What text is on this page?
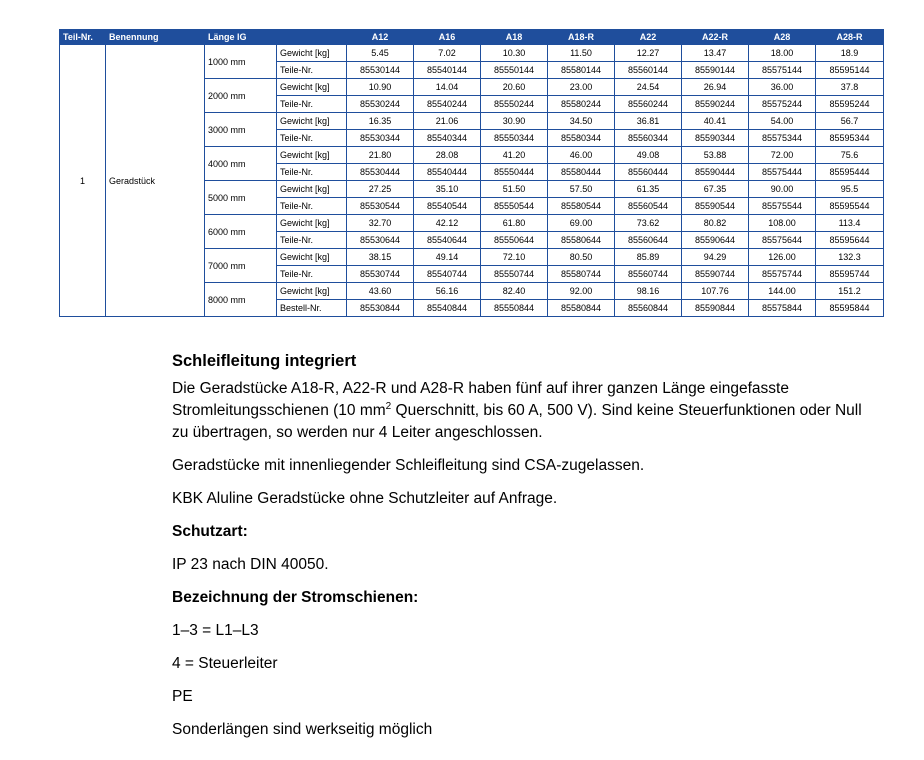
Teil-Nr.	Benennung	Länge lG		A12	A16	A18	A18-R	A22	A22-R	A28	A28-R
1	Geradstück	1000 mm	Gewicht [kg]	5.45	7.02	10.30	11.50	12.27	13.47	18.00	18.9
			Teile-Nr.	85530144	85540144	85550144	85580144	85560144	85590144	85575144	85595144
		2000 mm	Gewicht [kg]	10.90	14.04	20.60	23.00	24.54	26.94	36.00	37.8
			Teile-Nr.	85530244	85540244	85550244	85580244	85560244	85590244	85575244	85595244
		3000 mm	Gewicht [kg]	16.35	21.06	30.90	34.50	36.81	40.41	54.00	56.7
			Teile-Nr.	85530344	85540344	85550344	85580344	85560344	85590344	85575344	85595344
		4000 mm	Gewicht [kg]	21.80	28.08	41.20	46.00	49.08	53.88	72.00	75.6
			Teile-Nr.	85530444	85540444	85550444	85580444	85560444	85590444	85575444	85595444
		5000 mm	Gewicht [kg]	27.25	35.10	51.50	57.50	61.35	67.35	90.00	95.5
			Teile-Nr.	85530544	85540544	85550544	85580544	85560544	85590544	85575544	85595544
		6000 mm	Gewicht [kg]	32.70	42.12	61.80	69.00	73.62	80.82	108.00	113.4
			Teile-Nr.	85530644	85540644	85550644	85580644	85560644	85590644	85575644	85595644
		7000 mm	Gewicht [kg]	38.15	49.14	72.10	80.50	85.89	94.29	126.00	132.3
			Teile-Nr.	85530744	85540744	85550744	85580744	85560744	85590744	85575744	85595744
		8000 mm	Gewicht [kg]	43.60	56.16	82.40	92.00	98.16	107.76	144.00	151.2
			Bestell-Nr.	85530844	85540844	85550844	85580844	85560844	85590844	85575844	85595844
Schleifleitung integriert

Die Geradstücke A18-R, A22-R und A28-R haben fünf auf ihrer ganzen Länge eingefasste Stromleitungsschienen (10 $mm^2$ Querschnitt, bis 60 A, 500 V). Sind keine Steuerfunktionen oder Null zu übertragen, so werden nur 4 Leiter angeschlossen.

Geradstücke mit innenliegender Schleifleitung sind CSA-zugelassen.

KBK Aluline Geradstücke ohne Schutzleiter auf Anfrage.

Schutzart:

IP 23 nach DIN 40050.

Bezeichnung der Stromschienen:

1–3 = L1–L3

4 = Steuerleiter

PE

Sonderlängen sind werkseitig möglich
